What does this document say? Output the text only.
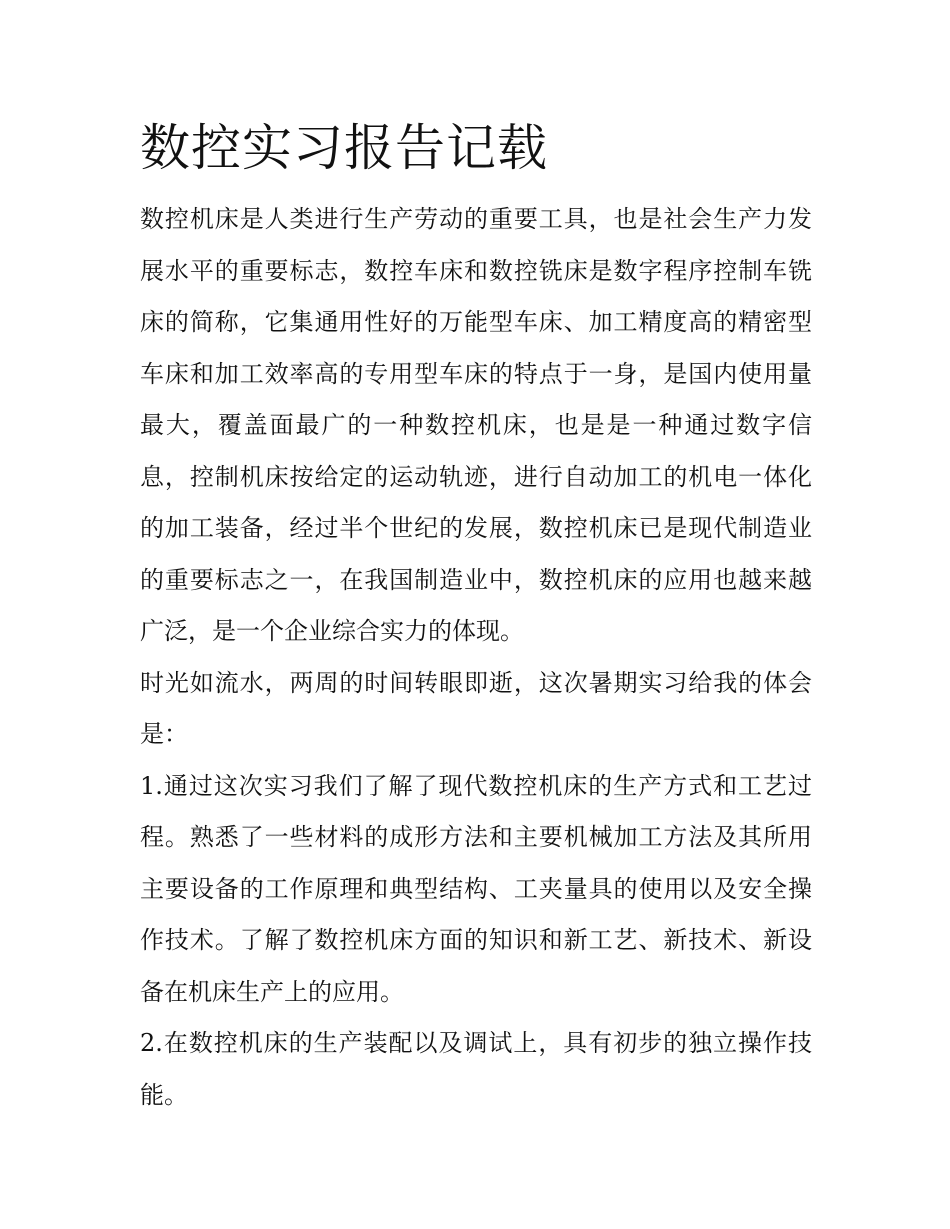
数控实习报告记载

数控机床是人类进行生产劳动的重要工具，也是社会生产力发
展水平的重要标志，数控车床和数控铣床是数字程序控制车铣
床的简称，它集通用性好的万能型车床、加工精度高的精密型
车床和加工效率高的专用型车床的特点于一身，是国内使用量
最大，覆盖面最广的一种数控机床，也是是一种通过数字信
息，控制机床按给定的运动轨迹，进行自动加工的机电一体化
的加工装备，经过半个世纪的发展，数控机床已是现代制造业
的重要标志之一，在我国制造业中，数控机床的应用也越来越
广泛，是一个企业综合实力的体现。

时光如流水，两周的时间转眼即逝，这次暑期实习给我的体会
是：

1.通过这次实习我们了解了现代数控机床的生产方式和工艺过
程。熟悉了一些材料的成形方法和主要机械加工方法及其所用
主要设备的工作原理和典型结构、工夹量具的使用以及安全操
作技术。了解了数控机床方面的知识和新工艺、新技术、新设
备在机床生产上的应用。

2.在数控机床的生产装配以及调试上，具有初步的独立操作技
能。
